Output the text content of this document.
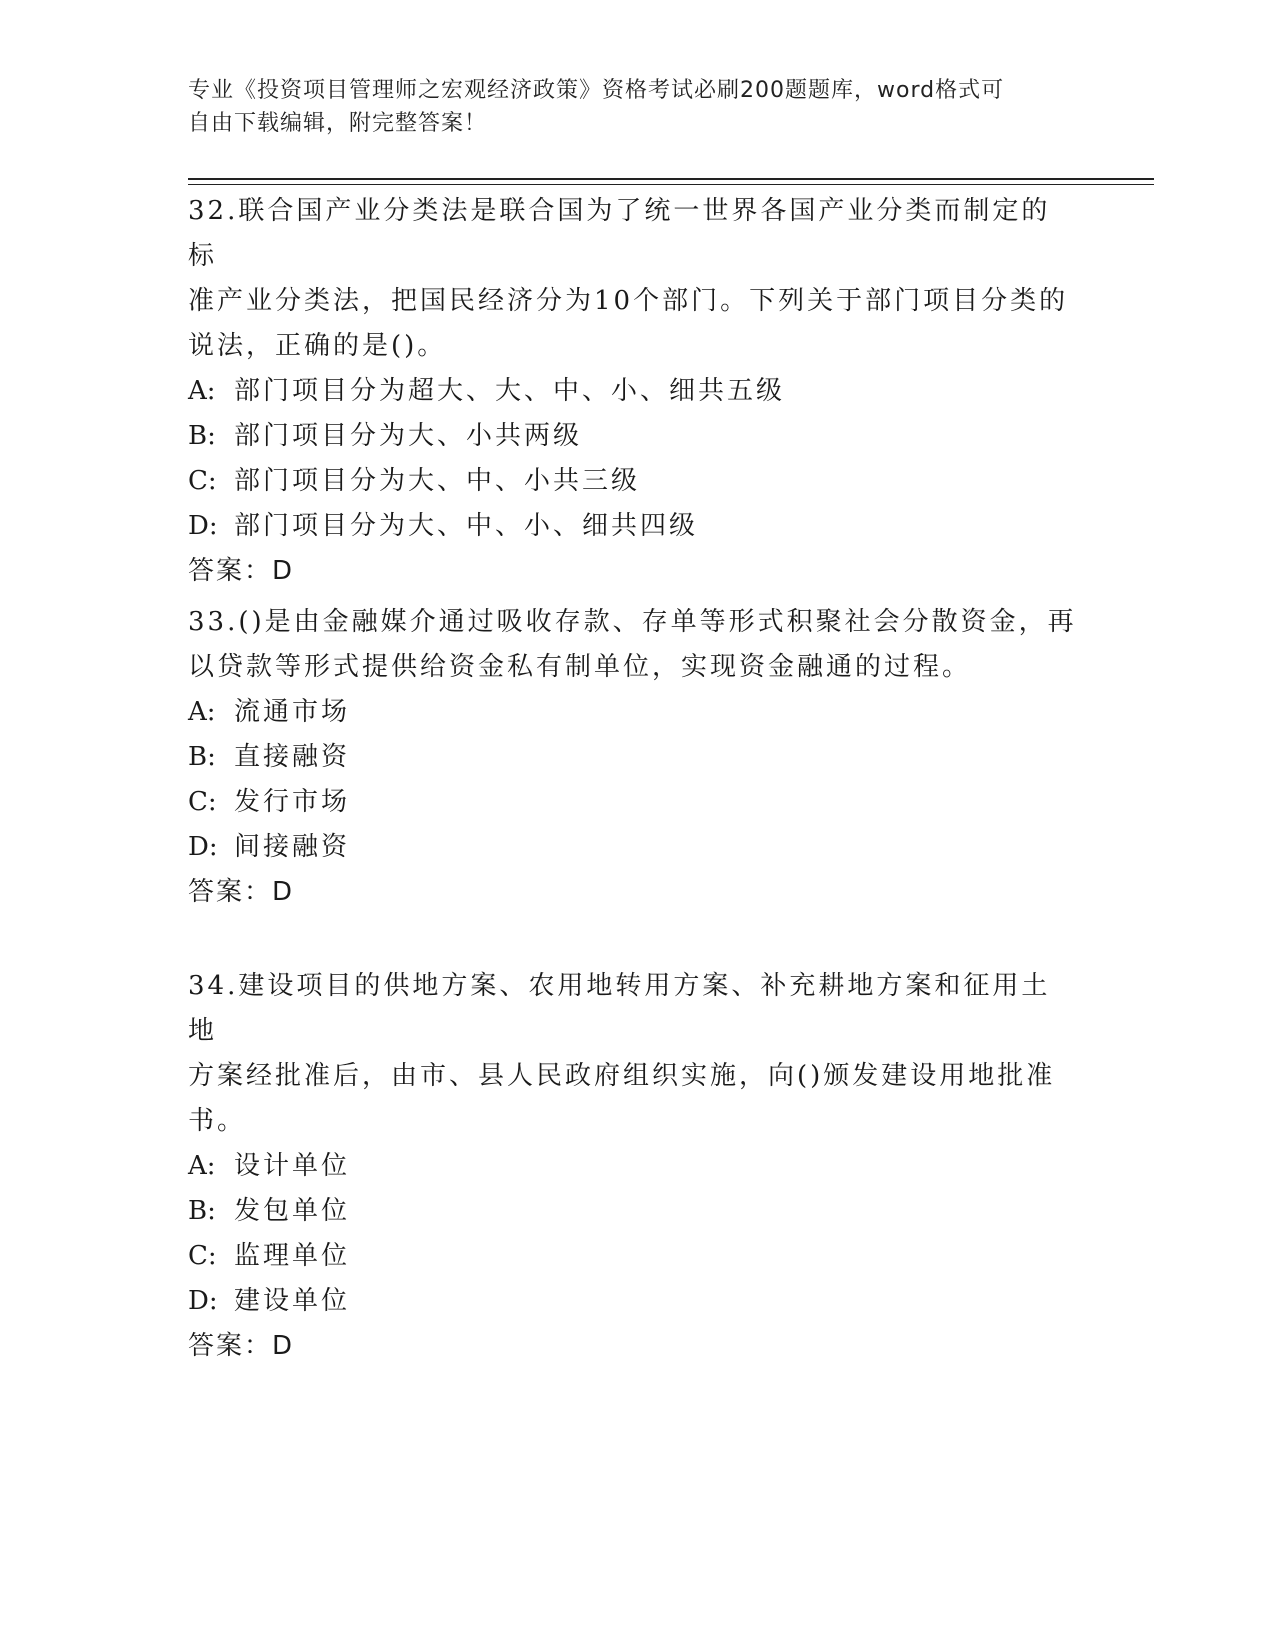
专业《投资项目管理师之宏观经济政策》资格考试必刷200题题库，word格式可
自由下载编辑，附完整答案！

32.联合国产业分类法是联合国为了统一世界各国产业分类而制定的标

准产业分类法，把国民经济分为10个部门。下列关于部门项目分类的

说法，正确的是()。

A: 部门项目分为超大、大、中、小、细共五级

B: 部门项目分为大、小共两级

C: 部门项目分为大、中、小共三级

D: 部门项目分为大、中、小、细共四级

答案：D

33.()是由金融媒介通过吸收存款、存单等形式积聚社会分散资金，再

以贷款等形式提供给资金私有制单位，实现资金融通的过程。

A: 流通市场

B: 直接融资

C: 发行市场

D: 间接融资

答案：D

34.建设项目的供地方案、农用地转用方案、补充耕地方案和征用土地

方案经批准后，由市、县人民政府组织实施，向()颁发建设用地批准

书。

A: 设计单位

B: 发包单位

C: 监理单位

D: 建设单位

答案：D
